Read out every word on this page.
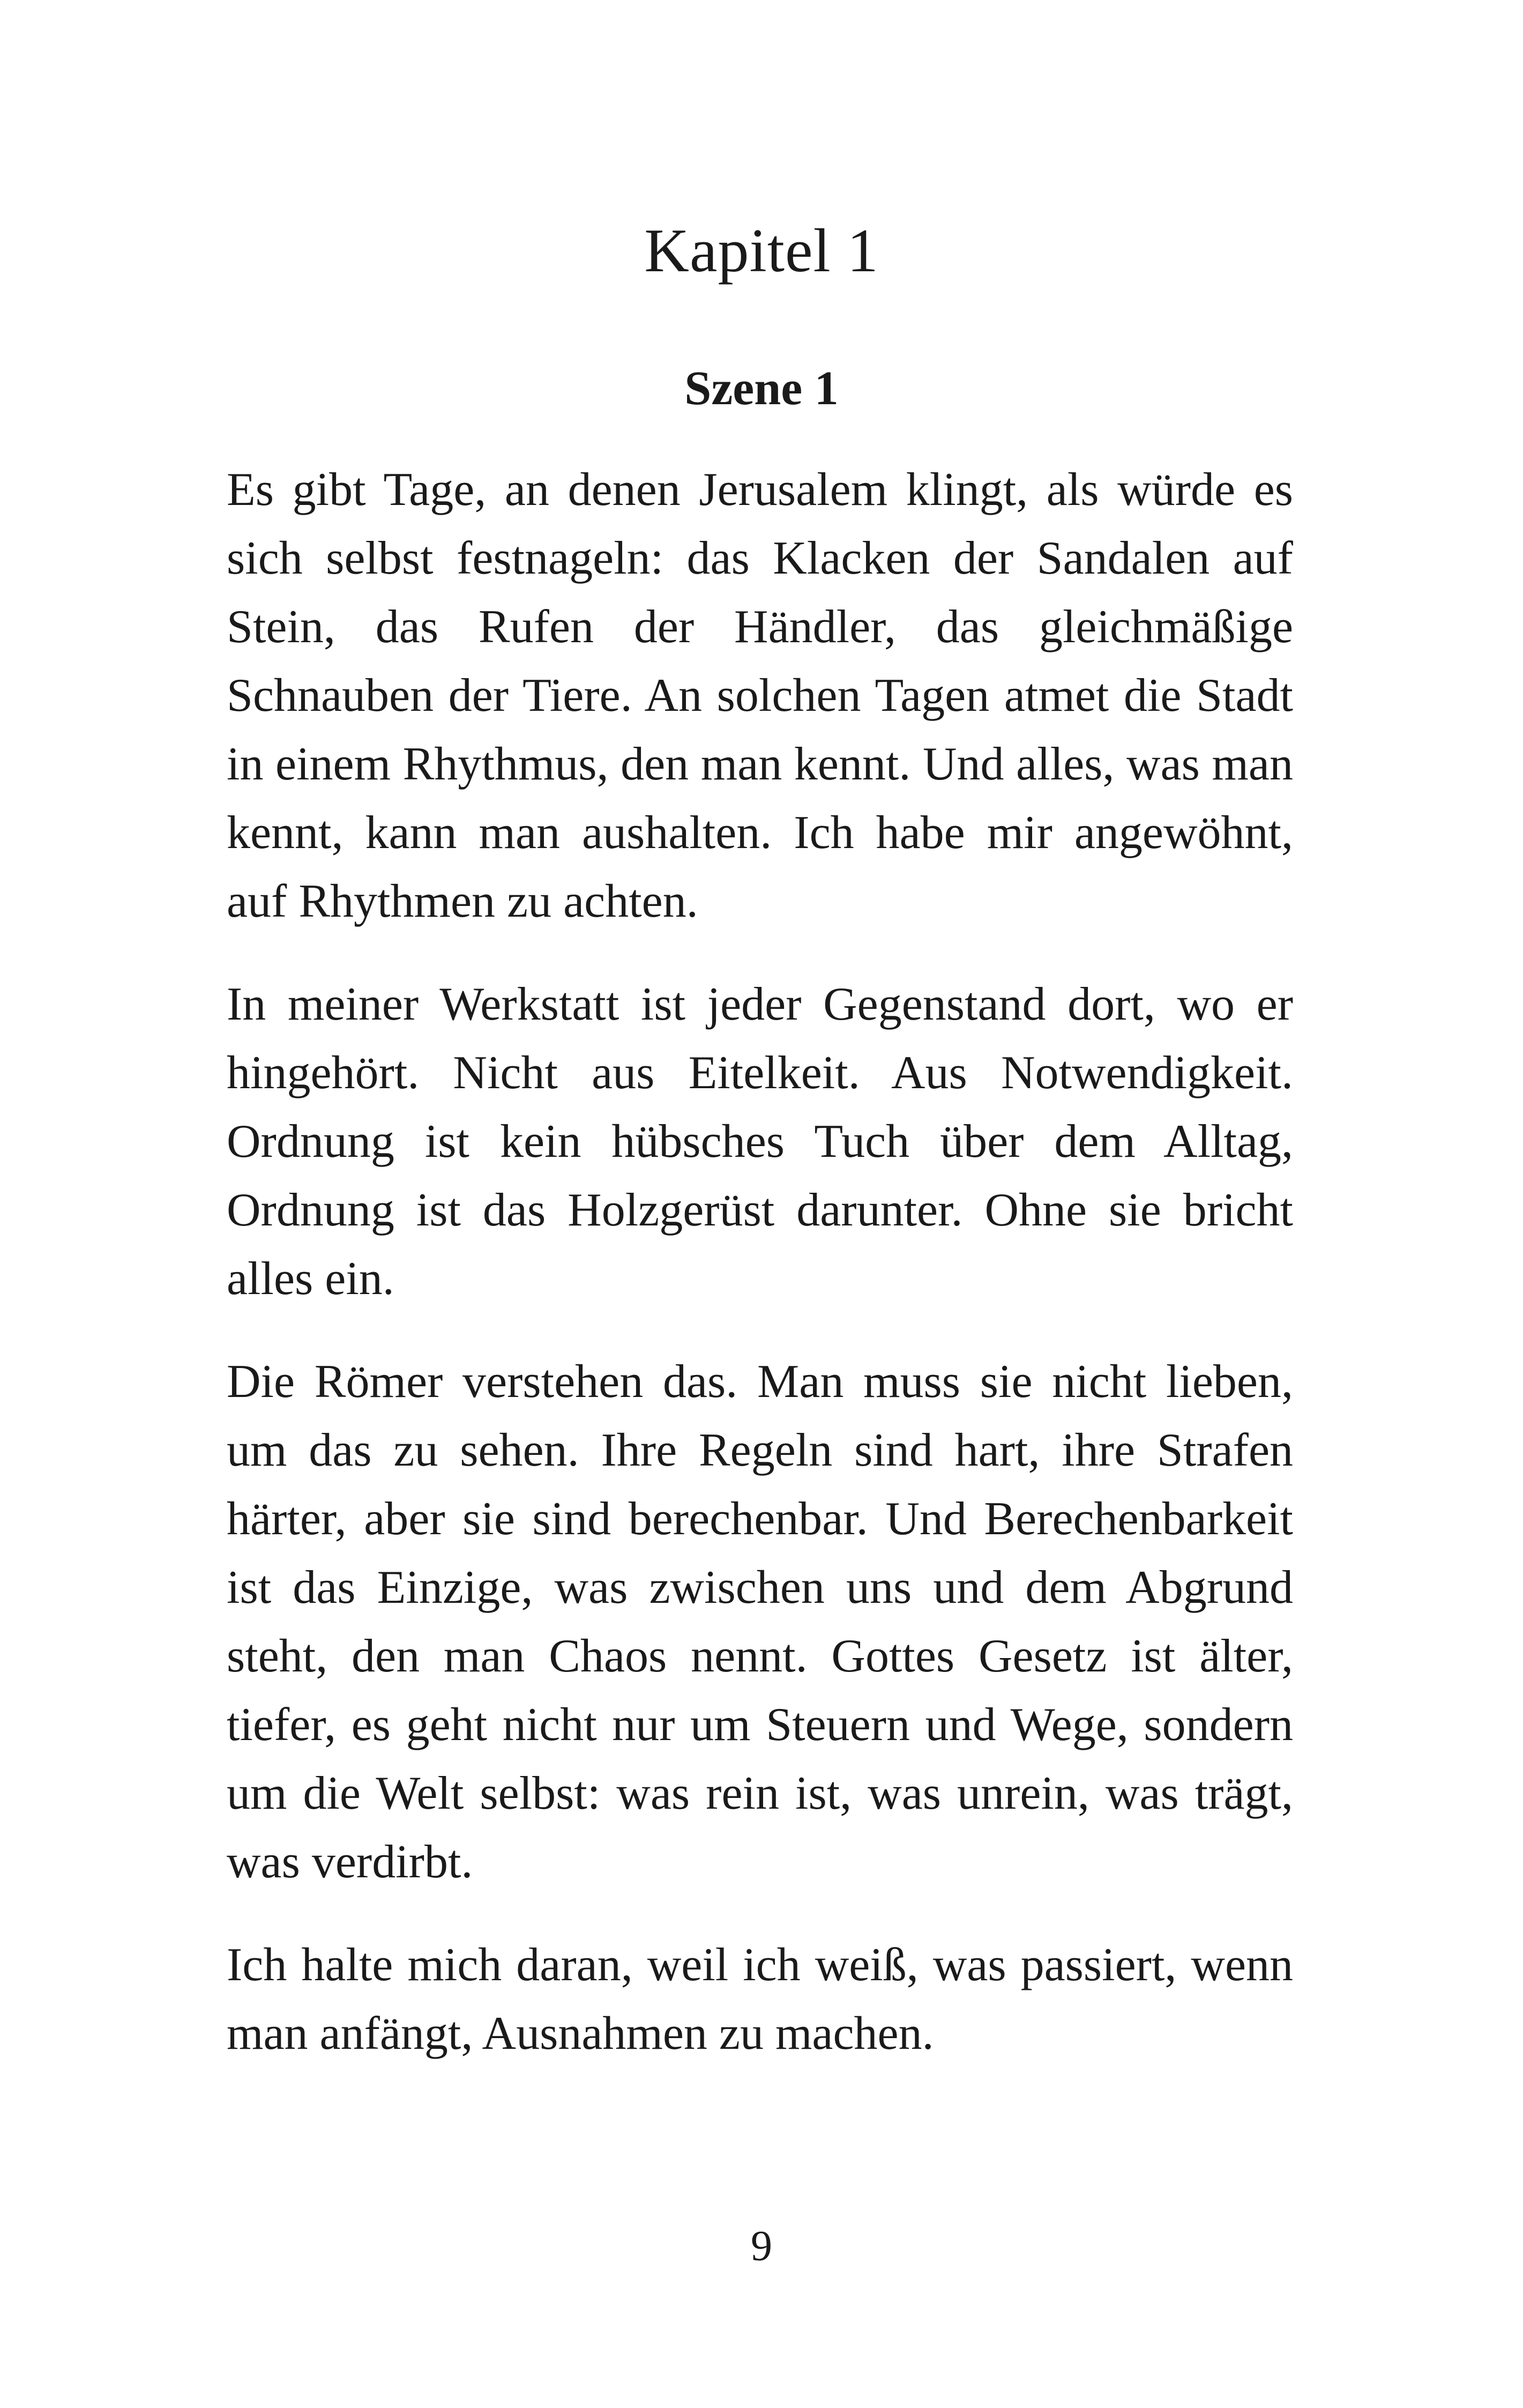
Kapitel 1
Szene 1

Es gibt Tage, an denen Jerusalem klingt, als würde es sich selbst festnageln: das Klacken der Sandalen auf Stein, das Rufen der Händler, das gleichmäßige Schnauben der Tiere. An solchen Tagen atmet die Stadt in einem Rhythmus, den man kennt. Und alles, was man kennt, kann man aushalten. Ich habe mir angewöhnt, auf Rhythmen zu achten.

In meiner Werkstatt ist jeder Gegenstand dort, wo er hingehört. Nicht aus Eitelkeit. Aus Notwendigkeit. Ordnung ist kein hübsches Tuch über dem Alltag, Ordnung ist das Holzgerüst darunter. Ohne sie bricht alles ein.

Die Römer verstehen das. Man muss sie nicht lieben, um das zu sehen. Ihre Regeln sind hart, ihre Strafen härter, aber sie sind berechenbar. Und Berechenbarkeit ist das Einzige, was zwischen uns und dem Abgrund steht, den man Chaos nennt. Gottes Gesetz ist älter, tiefer, es geht nicht nur um Steuern und Wege, sondern um die Welt selbst: was rein ist, was unrein, was trägt, was verdirbt.

Ich halte mich daran, weil ich weiß, was passiert, wenn man anfängt, Ausnahmen zu machen.

9
